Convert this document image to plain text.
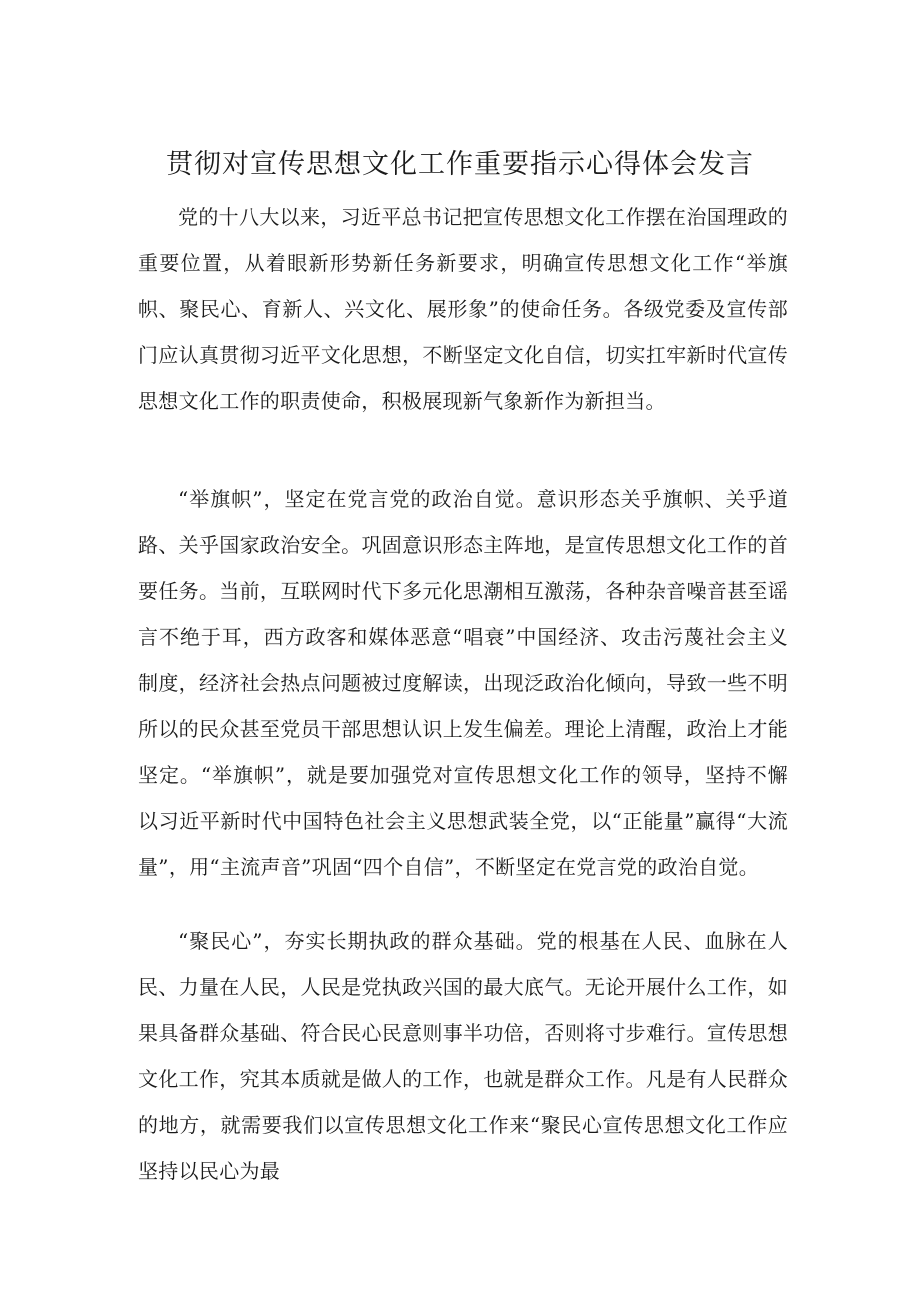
贯彻对宣传思想文化工作重要指示心得体会发言

党的十八大以来，习近平总书记把宣传思想文化工作摆在治国理政的重要位置，从着眼新形势新任务新要求，明确宣传思想文化工作“举旗帜、聚民心、育新人、兴文化、展形象”的使命任务。各级党委及宣传部门应认真贯彻习近平文化思想，不断坚定文化自信，切实扛牢新时代宣传思想文化工作的职责使命，积极展现新气象新作为新担当。

“举旗帜”，坚定在党言党的政治自觉。意识形态关乎旗帜、关乎道路、关乎国家政治安全。巩固意识形态主阵地，是宣传思想文化工作的首要任务。当前，互联网时代下多元化思潮相互激荡，各种杂音噪音甚至谣言不绝于耳，西方政客和媒体恶意“唱衰”中国经济、攻击污蔑社会主义制度，经济社会热点问题被过度解读，出现泛政治化倾向，导致一些不明所以的民众甚至党员干部思想认识上发生偏差。理论上清醒，政治上才能坚定。“举旗帜”，就是要加强党对宣传思想文化工作的领导，坚持不懈以习近平新时代中国特色社会主义思想武装全党，以“正能量”赢得“大流量”，用“主流声音”巩固“四个自信”，不断坚定在党言党的政治自觉。

“聚民心”，夯实长期执政的群众基础。党的根基在人民、血脉在人民、力量在人民，人民是党执政兴国的最大底气。无论开展什么工作，如果具备群众基础、符合民心民意则事半功倍，否则将寸步难行。宣传思想文化工作，究其本质就是做人的工作，也就是群众工作。凡是有人民群众的地方，就需要我们以宣传思想文化工作来“聚民心宣传思想文化工作应坚持以民心为最
